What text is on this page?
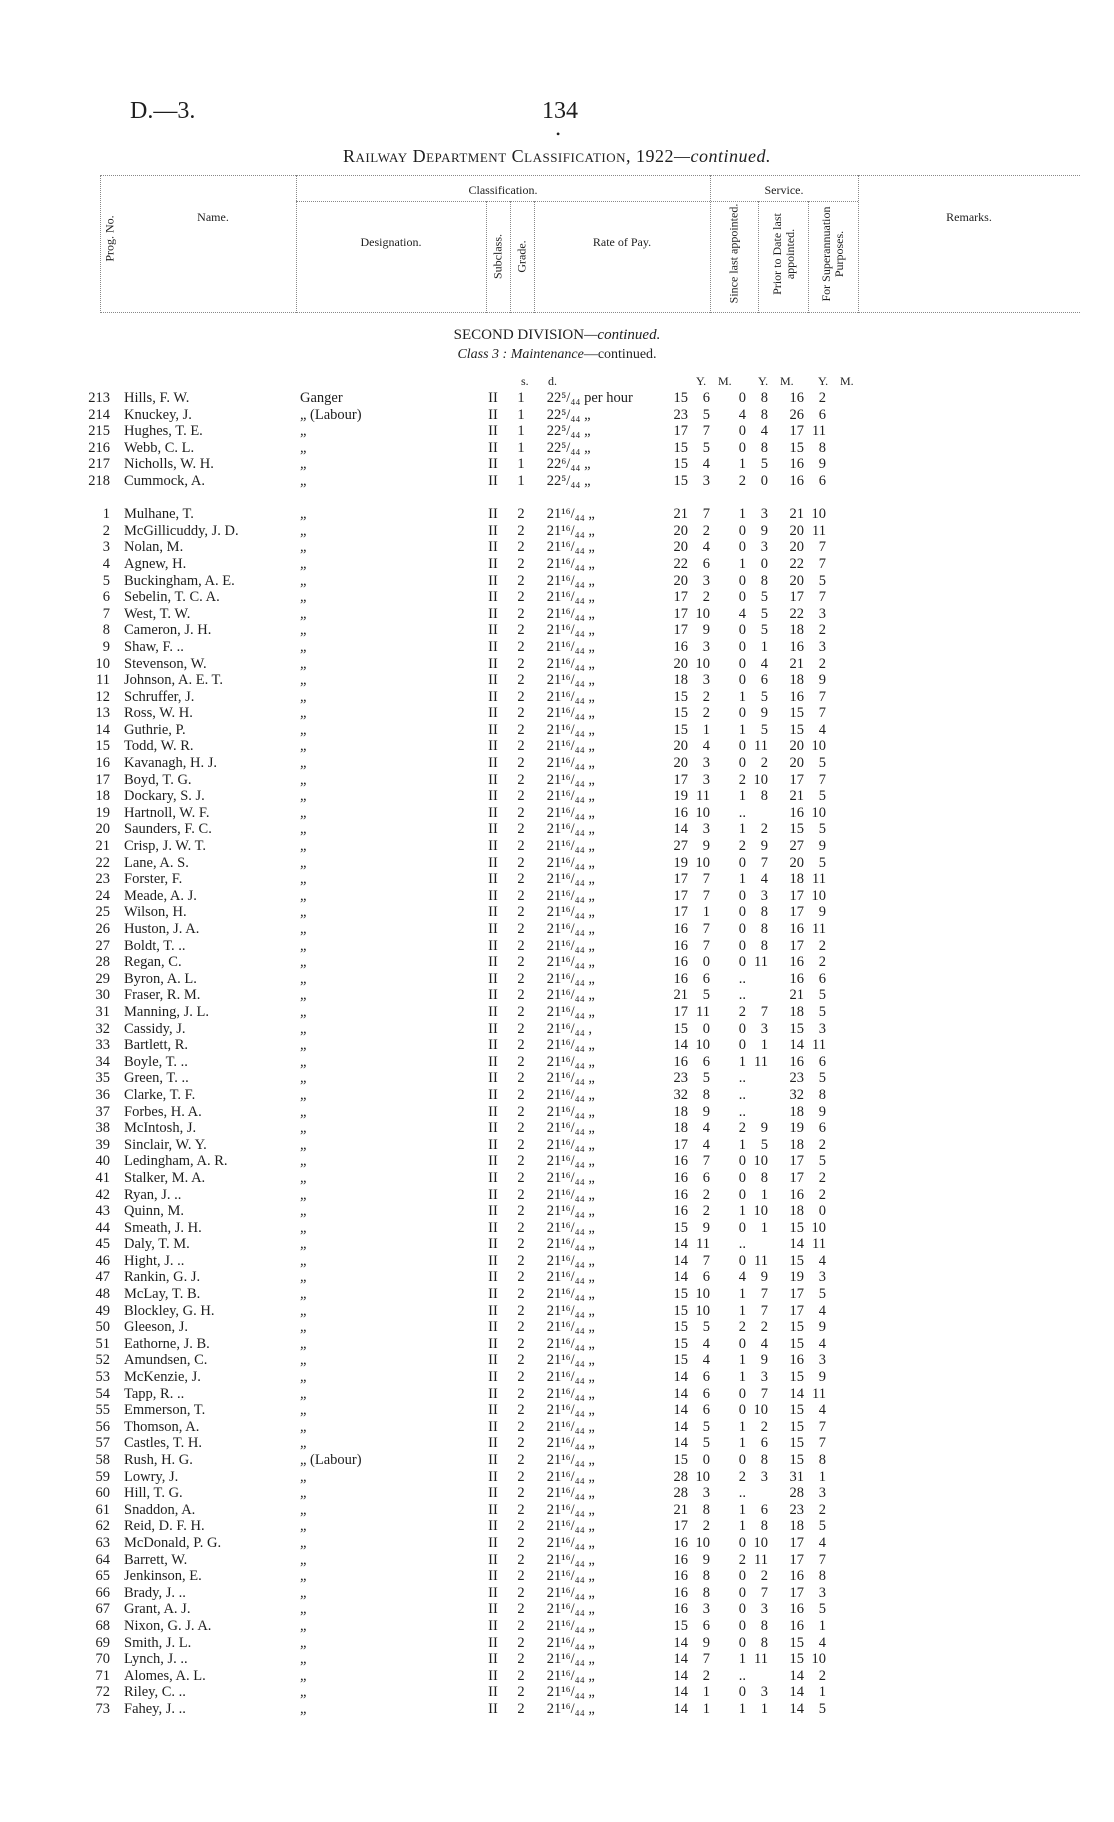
D.—3.	134
•
Railway Department Classification, 1922—continued.
Prog. No.	Name.
Classification.
Designation.	Subclass. Grade.	Rate of Pay.
Service.
Since last appointed. Prior to Date last appointed. For Superannuation Purposes.
Remarks.
SECOND DIVISION—continued.
Class 3 : Maintenance—continued.
s. d.	Y. M. Y. M. Y. M.
213	Hills, F. W.	Ganger	II	1	2	2⁵/₄₄ per hour	15	6	0	8	16	2
214	Knuckey, J.	„ (Labour)	II	1	2	2⁵/₄₄ „	23	5	4	8	26	6
215	Hughes, T. E.	„	II	1	2	2⁵/₄₄ „	17	7	0	4	17	11
216	Webb, C. L.	„	II	1	2	2⁵/₄₄ „	15	5	0	8	15	8
217	Nicholls, W. H.	„	II	1	2	2⁶/₄₄ „	15	4	1	5	16	9
218	Cummock, A.	„	II	1	2	2⁵/₄₄ „	15	3	2	0	16	6

1	Mulhane, T.	„	II	2	2	1¹⁶/₄₄ „	21	7	1	3	21	10
2	McGillicuddy, J. D.	„	II	2	2	1¹⁶/₄₄ „	20	2	0	9	20	11
3	Nolan, M.	„	II	2	2	1¹⁶/₄₄ „	20	4	0	3	20	7
4	Agnew, H.	„	II	2	2	1¹⁶/₄₄ „	22	6	1	0	22	7
5	Buckingham, A. E.	„	II	2	2	1¹⁶/₄₄ „	20	3	0	8	20	5
6	Sebelin, T. C. A.	„	II	2	2	1¹⁶/₄₄ „	17	2	0	5	17	7
7	West, T. W.	„	II	2	2	1¹⁶/₄₄ „	17	10	4	5	22	3
8	Cameron, J. H.	„	II	2	2	1¹⁶/₄₄ „	17	9	0	5	18	2
9	Shaw, F. ..	„	II	2	2	1¹⁶/₄₄ „	16	3	0	1	16	3
10	Stevenson, W.	„	II	2	2	1¹⁶/₄₄ „	20	10	0	4	21	2
11	Johnson, A. E. T.	„	II	2	2	1¹⁶/₄₄ „	18	3	0	6	18	9
12	Schruffer, J.	„	II	2	2	1¹⁶/₄₄ „	15	2	1	5	16	7
13	Ross, W. H.	„	II	2	2	1¹⁶/₄₄ „	15	2	0	9	15	7
14	Guthrie, P.	„	II	2	2	1¹⁶/₄₄ „	15	1	1	5	15	4
15	Todd, W. R.	„	II	2	2	1¹⁶/₄₄ „	20	4	0	11	20	10
16	Kavanagh, H. J.	„	II	2	2	1¹⁶/₄₄ „	20	3	0	2	20	5
17	Boyd, T. G.	„	II	2	2	1¹⁶/₄₄ „	17	3	2	10	17	7
18	Dockary, S. J.	„	II	2	2	1¹⁶/₄₄ „	19	11	1	8	21	5
19	Hartnoll, W. F.	„	II	2	2	1¹⁶/₄₄ „	16	10	..		16	10
20	Saunders, F. C.	„	II	2	2	1¹⁶/₄₄ „	14	3	1	2	15	5
21	Crisp, J. W. T.	„	II	2	2	1¹⁶/₄₄ „	27	9	2	9	27	9
22	Lane, A. S.	„	II	2	2	1¹⁶/₄₄ „	19	10	0	7	20	5
23	Forster, F.	„	II	2	2	1¹⁶/₄₄ „	17	7	1	4	18	11
24	Meade, A. J.	„	II	2	2	1¹⁶/₄₄ „	17	7	0	3	17	10
25	Wilson, H.	„	II	2	2	1¹⁶/₄₄ „	17	1	0	8	17	9
26	Huston, J. A.	„	II	2	2	1¹⁶/₄₄ „	16	7	0	8	16	11
27	Boldt, T. ..	„	II	2	2	1¹⁶/₄₄ „	16	7	0	8	17	2
28	Regan, C.	„	II	2	2	1¹⁶/₄₄ „	16	0	0	11	16	2
29	Byron, A. L.	„	II	2	2	1¹⁶/₄₄ „	16	6	..		16	6
30	Fraser, R. M.	„	II	2	2	1¹⁶/₄₄ „	21	5	..		21	5
31	Manning, J. L.	„	II	2	2	1¹⁶/₄₄ „	17	11	2	7	18	5
32	Cassidy, J.	„	II	2	2	1¹⁶/₄₄ ,	15	0	0	3	15	3
33	Bartlett, R.	„	II	2	2	1¹⁶/₄₄ „	14	10	0	1	14	11
34	Boyle, T. ..	„	II	2	2	1¹⁶/₄₄ „	16	6	1	11	16	6
35	Green, T. ..	„	II	2	2	1¹⁶/₄₄ „	23	5	..		23	5
36	Clarke, T. F.	„	II	2	2	1¹⁶/₄₄ „	32	8	..		32	8
37	Forbes, H. A.	„	II	2	2	1¹⁶/₄₄ „	18	9	..		18	9
38	McIntosh, J.	„	II	2	2	1¹⁶/₄₄ „	18	4	2	9	19	6
39	Sinclair, W. Y.	„	II	2	2	1¹⁶/₄₄ „	17	4	1	5	18	2
40	Ledingham, A. R.	„	II	2	2	1¹⁶/₄₄ „	16	7	0	10	17	5
41	Stalker, M. A.	„	II	2	2	1¹⁶/₄₄ „	16	6	0	8	17	2
42	Ryan, J. ..	„	II	2	2	1¹⁶/₄₄ „	16	2	0	1	16	2
43	Quinn, M.	„	II	2	2	1¹⁶/₄₄ „	16	2	1	10	18	0
44	Smeath, J. H.	„	II	2	2	1¹⁶/₄₄ „	15	9	0	1	15	10
45	Daly, T. M.	„	II	2	2	1¹⁶/₄₄ „	14	11	..		14	11
46	Hight, J. ..	„	II	2	2	1¹⁶/₄₄ „	14	7	0	11	15	4
47	Rankin, G. J.	„	II	2	2	1¹⁶/₄₄ „	14	6	4	9	19	3
48	McLay, T. B.	„	II	2	2	1¹⁶/₄₄ „	15	10	1	7	17	5
49	Blockley, G. H.	„	II	2	2	1¹⁶/₄₄ „	15	10	1	7	17	4
50	Gleeson, J.	„	II	2	2	1¹⁶/₄₄ „	15	5	2	2	15	9
51	Eathorne, J. B.	„	II	2	2	1¹⁶/₄₄ „	15	4	0	4	15	4
52	Amundsen, C.	„	II	2	2	1¹⁶/₄₄ „	15	4	1	9	16	3
53	McKenzie, J.	„	II	2	2	1¹⁶/₄₄ „	14	6	1	3	15	9
54	Tapp, R. ..	„	II	2	2	1¹⁶/₄₄ „	14	6	0	7	14	11
55	Emmerson, T.	„	II	2	2	1¹⁶/₄₄ „	14	6	0	10	15	4
56	Thomson, A.	„	II	2	2	1¹⁶/₄₄ „	14	5	1	2	15	7
57	Castles, T. H.	„	II	2	2	1¹⁶/₄₄ „	14	5	1	6	15	7
58	Rush, H. G.	„ (Labour)	II	2	2	1¹⁶/₄₄ „	15	0	0	8	15	8
59	Lowry, J.	„	II	2	2	1¹⁶/₄₄ „	28	10	2	3	31	1
60	Hill, T. G.	„	II	2	2	1¹⁶/₄₄ „	28	3	..		28	3
61	Snaddon, A.	„	II	2	2	1¹⁶/₄₄ „	21	8	1	6	23	2
62	Reid, D. F. H.	„	II	2	2	1¹⁶/₄₄ „	17	2	1	8	18	5
63	McDonald, P. G.	„	II	2	2	1¹⁶/₄₄ „	16	10	0	10	17	4
64	Barrett, W.	„	II	2	2	1¹⁶/₄₄ „	16	9	2	11	17	7
65	Jenkinson, E.	„	II	2	2	1¹⁶/₄₄ „	16	8	0	2	16	8
66	Brady, J. ..	„	II	2	2	1¹⁶/₄₄ „	16	8	0	7	17	3
67	Grant, A. J.	„	II	2	2	1¹⁶/₄₄ „	16	3	0	3	16	5
68	Nixon, G. J. A.	„	II	2	2	1¹⁶/₄₄ „	15	6	0	8	16	1
69	Smith, J. L.	„	II	2	2	1¹⁶/₄₄ „	14	9	0	8	15	4
70	Lynch, J. ..	„	II	2	2	1¹⁶/₄₄ „	14	7	1	11	15	10
71	Alomes, A. L.	„	II	2	2	1¹⁶/₄₄ „	14	2	..		14	2
72	Riley, C. ..	„	II	2	2	1¹⁶/₄₄ „	14	1	0	3	14	1
73	Fahey, J. ..	„	II	2	2	1¹⁶/₄₄ „	14	1	1	1	14	5
